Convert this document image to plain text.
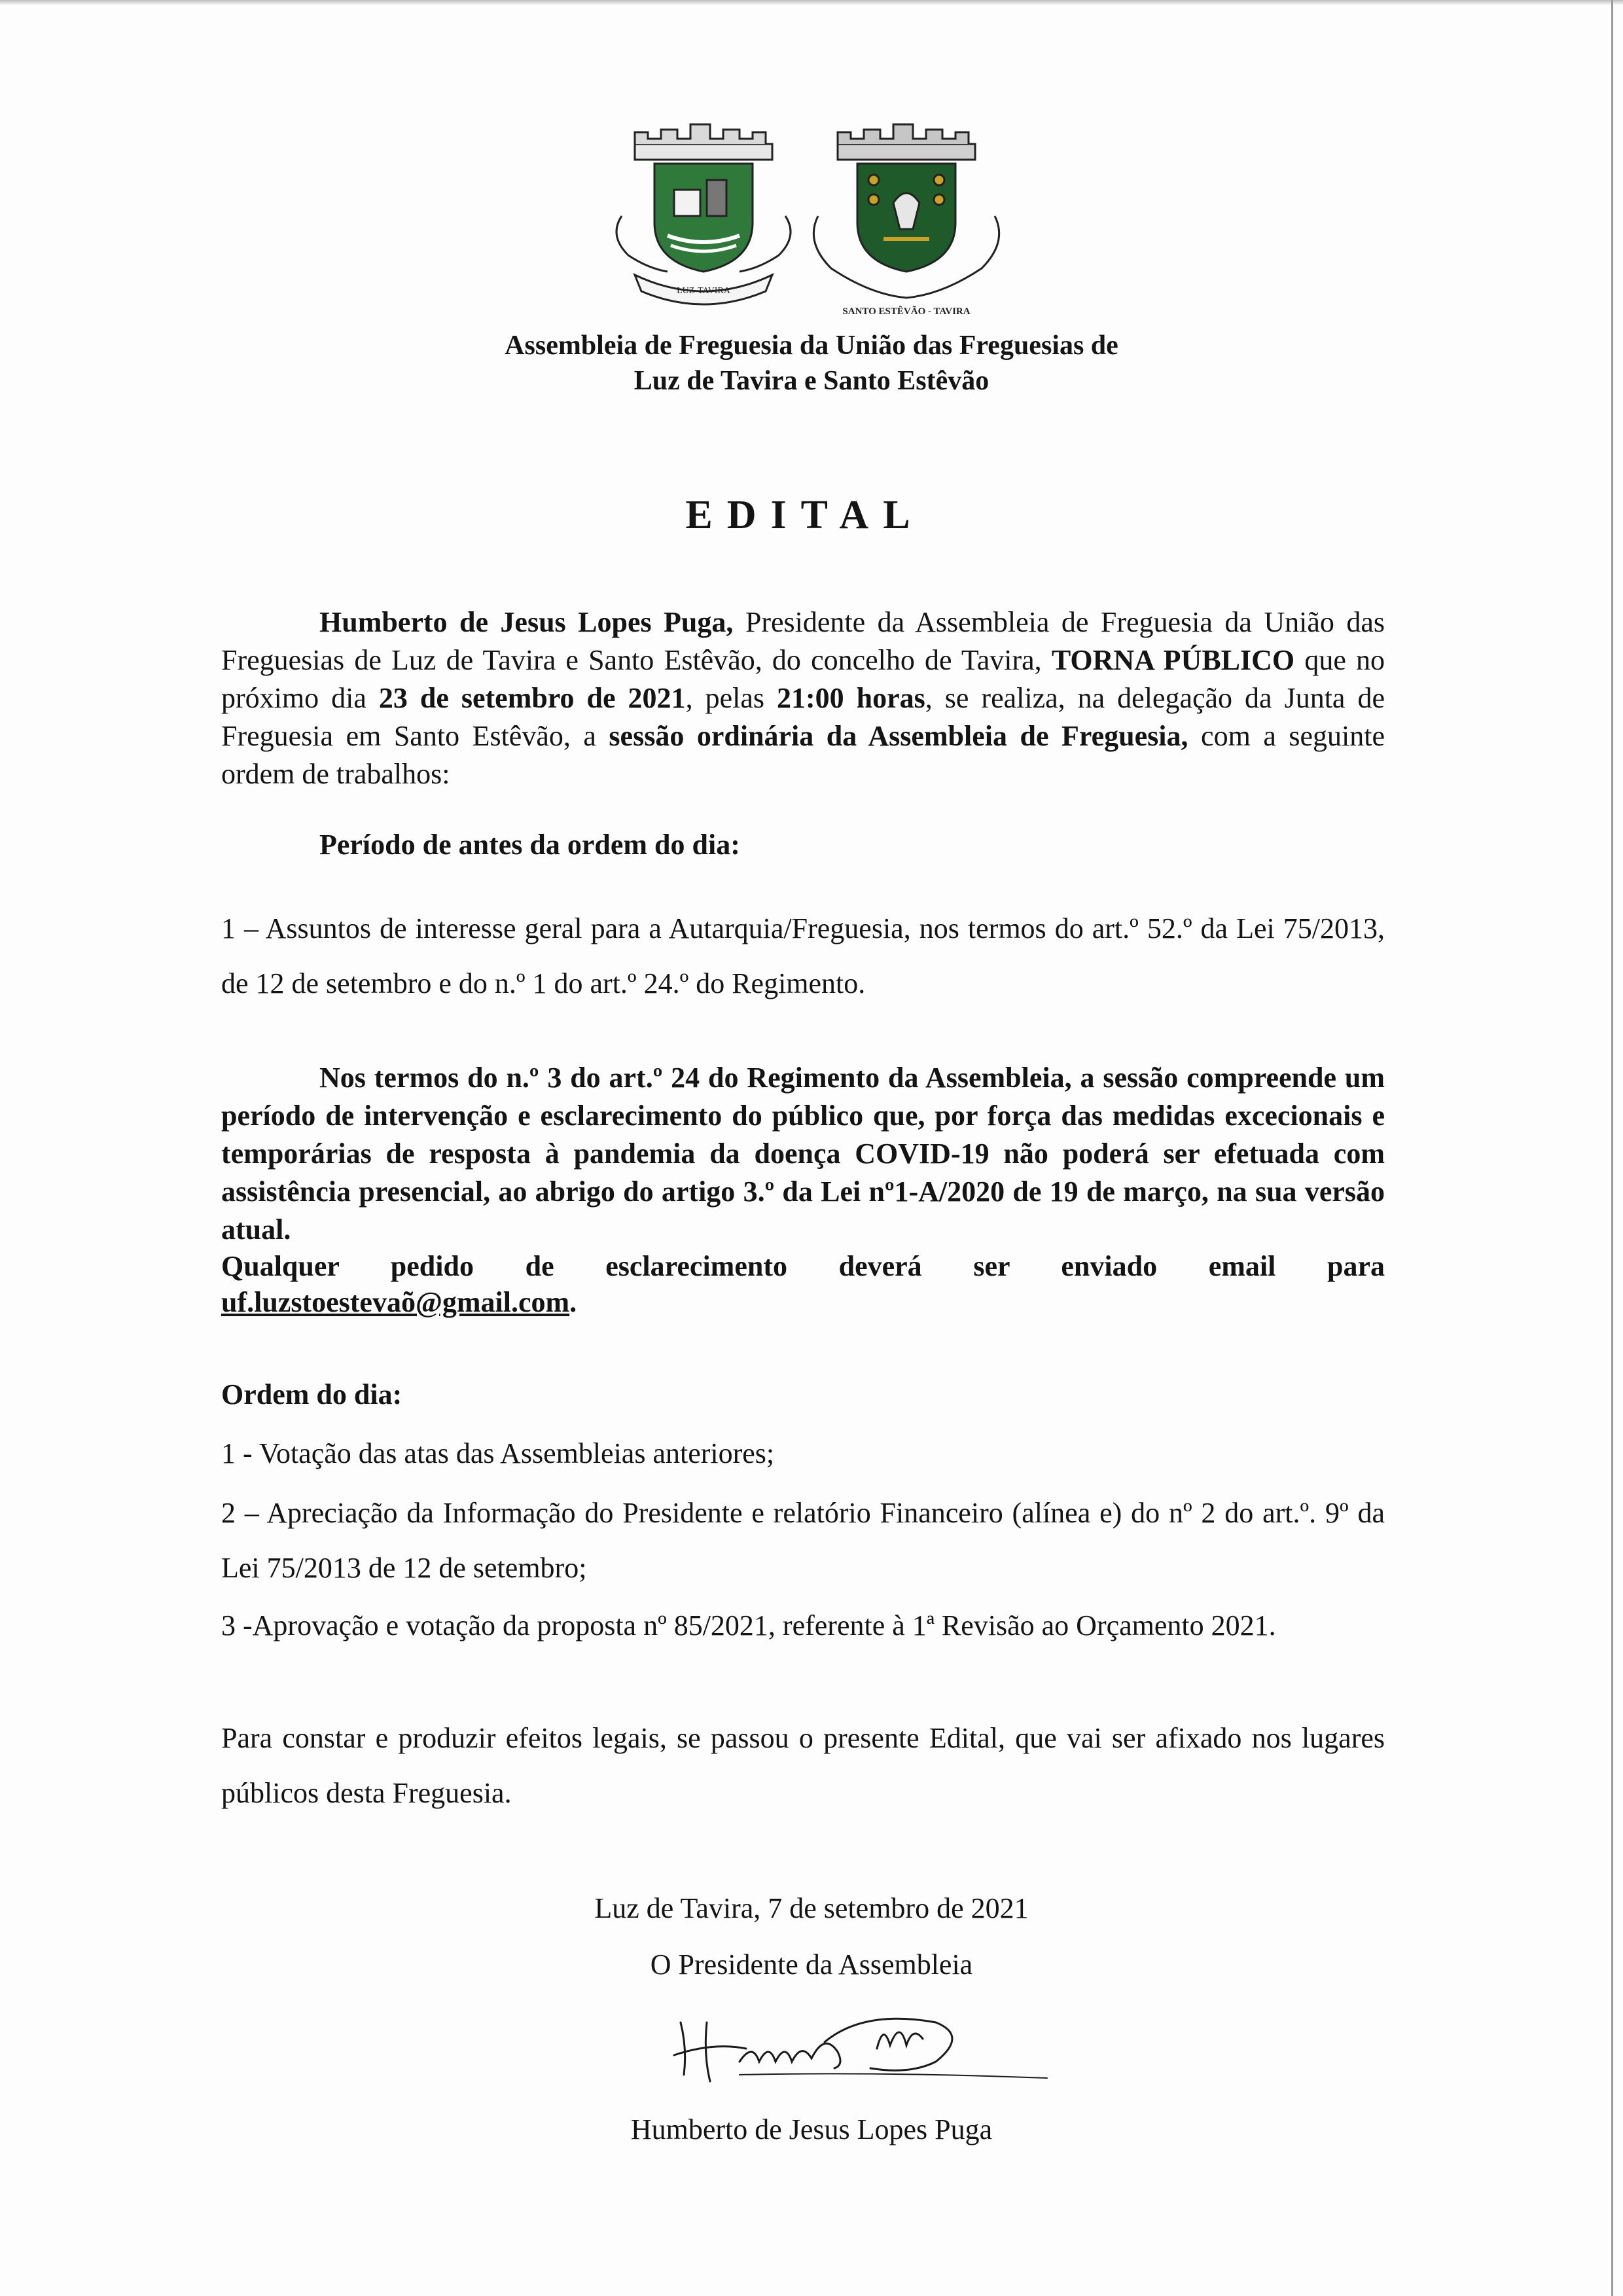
LUZ-TAVIRA
SANTO ESTÊVÃO - TAVIRA
Assembleia de Freguesia da União das Freguesias de
Luz de Tavira e Santo Estêvão
EDITAL

Humberto de Jesus Lopes Puga, Presidente da Assembleia de Freguesia da União das Freguesias de Luz de Tavira e Santo Estêvão, do concelho de Tavira, TORNA PÚBLICO que no próximo dia 23 de setembro de 2021, pelas 21:00 horas, se realiza, na delegação da Junta de Freguesia em Santo Estêvão, a sessão ordinária da Assembleia de Freguesia, com a seguinte ordem de trabalhos:

Período de antes da ordem do dia:

1 – Assuntos de interesse geral para a Autarquia/Freguesia, nos termos do art.º 52.º da Lei 75/2013, de 12 de setembro e do n.º 1 do art.º 24.º do Regimento.

Nos termos do n.º 3 do art.º 24 do Regimento da Assembleia, a sessão compreende um período de intervenção e esclarecimento do público que, por força das medidas excecionais e temporárias de resposta à pandemia da doença COVID-19 não poderá ser efetuada com assistência presencial, ao abrigo do artigo 3.º da Lei nº1-A/2020 de 19 de março, na sua versão atual.

Qualquer pedido de esclarecimento deverá ser enviado email para

uf.luzstoestevaõ@gmail.com.

Ordem do dia:

1 - Votação das atas das Assembleias anteriores;

2 – Apreciação da Informação do Presidente e relatório Financeiro (alínea e) do nº 2 do art.º. 9º da Lei 75/2013 de 12 de setembro;

3 -Aprovação e votação da proposta nº 85/2021, referente à 1ª Revisão ao Orçamento 2021.

Para constar e produzir efeitos legais, se passou o presente Edital, que vai ser afixado nos lugares públicos desta Freguesia.

Luz de Tavira, 7 de setembro de 2021
O Presidente da Assembleia
Humberto de Jesus Lopes Puga
